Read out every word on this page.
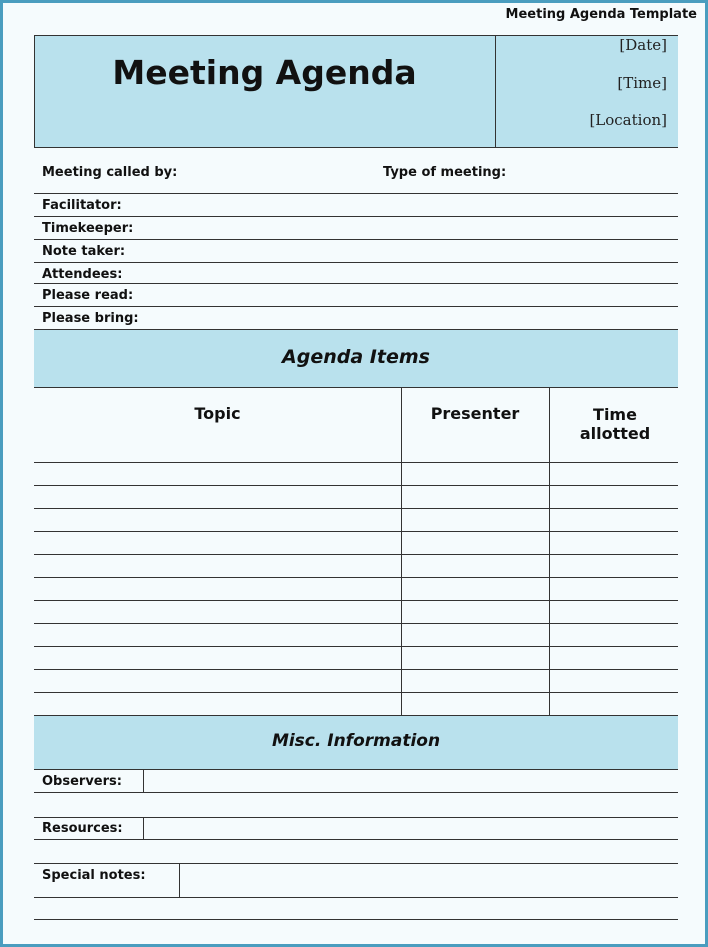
Meeting Agenda Template
Meeting Agenda
[Date]
[Time]
[Location]
Meeting called by:	Type of meeting:
Facilitator:
Timekeeper:
Note taker:
Attendees:
Please read:
Please bring:
Agenda Items
Topic	Presenter	Time allotted
Misc. Information
Observers:
Resources:
Special notes:
